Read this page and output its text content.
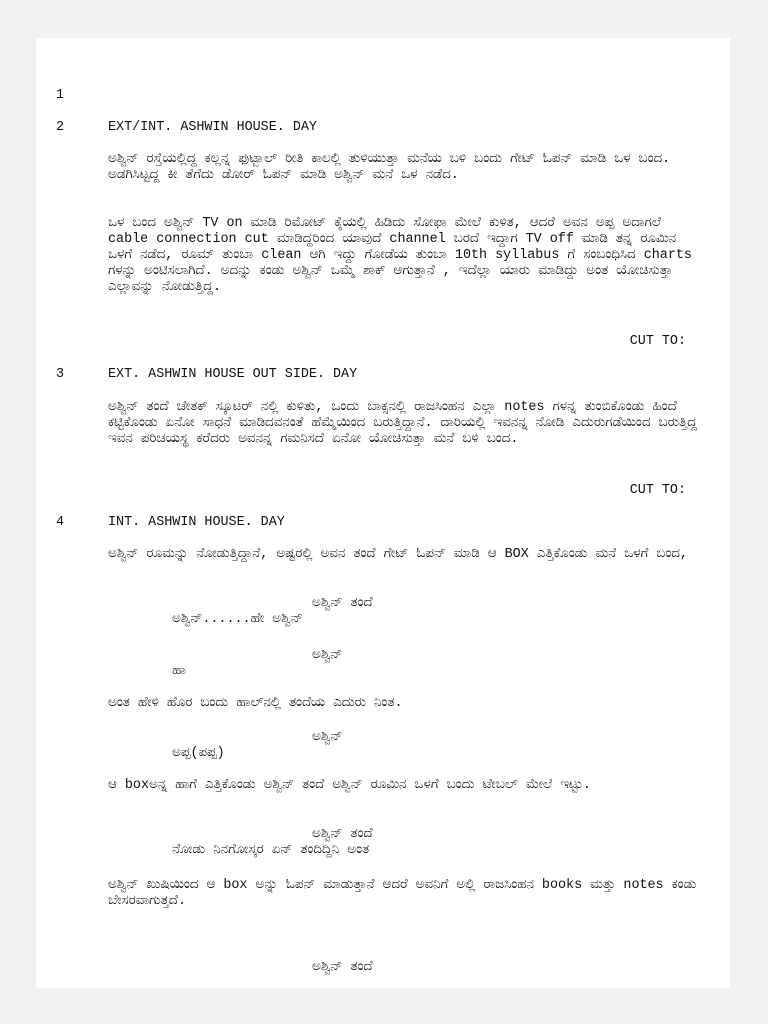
1
2	EXT/INT. ASHWIN HOUSE. DAY
ಅಶ್ವಿನ್ ರಸ್ತೆಯಲ್ಲಿದ್ದ ಕಲ್ಲನ್ನ ಫುಟ್ಬಾಲ್ ರೀತಿ ಕಾಲಲ್ಲಿ ತುಳಿಯುತ್ತಾ ಮನೆಯ ಬಳಿ ಬಂದು ಗೇಟ್ ಓಪನ್ ಮಾಡಿ ಒಳ ಬಂದ. ಅಡಗಿಸಿಟ್ಟದ್ದ ಕೀ ತೆಗೆದು ಡೋರ್ ಓಪನ್ ಮಾಡಿ ಅಶ್ವಿನ್ ಮನೆ ಒಳ ನಡೆದ.
ಒಳ ಬಂದ ಅಶ್ವಿನ್ TV on ಮಾಡಿ ರಿಮೋಟ್ ಕೈಯಲ್ಲಿ ಹಿಡಿದು ಸೋಫಾ ಮೇಲೆ ಕುಳಿತ, ಆದರೆ ಅವನ ಅಪ್ಪ ಅದಾಗಲೆ cable connection cut ಮಾಡಿದ್ದರಿಂದ ಯಾವುದೆ channel ಬರದೆ ಇದ್ದಾಗ TV off ಮಾಡಿ ತನ್ನ ರೂಮಿನ ಒಳಗೆ ನಡೆದ, ರೂಮ್ ತುಂಬಾ clean ಆಗಿ ಇದ್ದು ಗೋಡೆಯ ತುಂಬಾ 10th syllabus ಗೆ ಸಂಬಂಧಿಸಿದ charts ಗಳನ್ನು ಅಂಟಿಸಲಾಗಿದೆ. ಅದನ್ನು ಕಂಡು ಅಶ್ವಿನ್ ಒಮ್ಮೆ ಶಾಕ್ ಆಗುತ್ತಾನೆ , ಇದೆಲ್ಲಾ ಯಾರು ಮಾಡಿದ್ದು ಅಂತ ಯೋಚಿಸುತ್ತಾ ಎಲ್ಲಾವನ್ನು ನೋಡುತ್ತಿದ್ದ.
CUT TO:
3	EXT. ASHWIN HOUSE OUT SIDE. DAY
ಅಶ್ವಿನ್ ತಂದೆ ಚೇತಕ್ ಸ್ಕೂಟರ್ ನಲ್ಲಿ ಕುಳಿತು, ಒಂದು ಬಾಕ್ಸನಲ್ಲಿ ರಾಜಸಿಂಹನ ಎಲ್ಲಾ notes ಗಳನ್ನ ತುಂಬಿಕೊಂಡು ಹಿಂದೆ ಕಟ್ಟಿಕೊಂಡು ಏನೋ ಸಾಧನೆ ಮಾಡಿದವನಂತೆ ಹೆಮ್ಮೆಯಿಂದ ಬರುತ್ತಿದ್ದಾನೆ. ದಾರಿಯಲ್ಲಿ ಇವನನ್ನ ನೋಡಿ ಎದುರುಗಡೆಯಿಂದ ಬರುತ್ತಿದ್ದ ಇವನ ಪರಿಚಯಸ್ಥ ಕರೆದರು ಅವನನ್ನ ಗಮನಿಸದೆ ಏನೋ ಯೋಚಿಸುತ್ತಾ ಮನೆ ಬಳಿ ಬಂದ.
CUT TO:
4	INT. ASHWIN HOUSE. DAY
ಅಶ್ವಿನ್ ರೂಮನ್ನು ನೋಡುತ್ತಿದ್ದಾನೆ, ಅಷ್ಟರಲ್ಲಿ ಅವನ ತಂದೆ ಗೇಟ್ ಓಪನ್ ಮಾಡಿ ಆ BOX ಎತ್ತಿಕೊಂಡು ಮನೆ ಒಳಗೆ ಬಂದ,
ಅಶ್ವಿನ್ ತಂದೆ
ಅಶ್ವಿನ್......ಹೇ ಅಶ್ವಿನ್
ಅಶ್ವಿನ್
ಹಾ
ಅಂತ ಹೇಳಿ ಹೊರ ಬಂದು ಹಾಲ್‌ನಲ್ಲಿ ತಂದೆಯ ಎದುರು ನಿಂತ.
ಅಶ್ವಿನ್
ಅಪ್ಪ(ಪಪ್ಪ)
ಆ boxಅನ್ನ ಹಾಗೆ ಎತ್ತಿಕೊಂಡು ಅಶ್ವಿನ್ ತಂದೆ ಅಶ್ವಿನ್ ರೂಮಿನ ಒಳಗೆ ಬಂದು ಟೇಬಲ್ ಮೇಲೆ ಇಟ್ಟು.
ಅಶ್ವಿನ್ ತಂದೆ
ನೋಡು ನಿನಗೋಸ್ಕರ ಏನ್ ತಂದಿದ್ದಿನಿ ಅಂತ
ಅಶ್ವಿನ್ ಖುಷಿಯಿಂದ ಆ box ಅನ್ನು ಓಪನ್ ಮಾಡುತ್ತಾನೆ ಆದರೆ ಅವನಿಗೆ ಅಲ್ಲಿ ರಾಜಸಿಂಹನ books ಮತ್ತು notes ಕಂಡು ಬೇಸರವಾಗುತ್ತದೆ.
ಅಶ್ವಿನ್ ತಂದೆ
